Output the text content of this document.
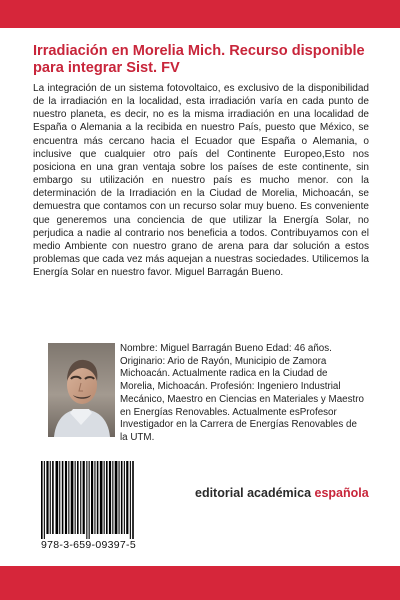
Irradiación en Morelia Mich. Recurso disponible para integrar Sist. FV

La integración de un sistema fotovoltaico, es exclusivo de la disponibilidad de la irradiación en la localidad, esta irradiación varía en cada punto de nuestro planeta, es decir, no es la misma irradiación en una localidad de España o Alemania a la recibida en nuestro País, puesto que México, se encuentra más cercano hacia el Ecuador que España o Alemania, o inclusive que cualquier otro país del Continente Europeo,Esto nos posiciona en una gran ventaja sobre los países de este continente, sin embargo su utilización en nuestro país es mucho menor. con la determinación de la Irradiación en la Ciudad de Morelia, Michoacán, se demuestra que contamos con un recurso solar muy bueno. Es conveniente que generemos una conciencia de que utilizar la Energía Solar, no perjudica a nadie al contrario nos beneficia a todos. Contribuyamos con el medio Ambiente con nuestro grano de arena para dar solución a estos problemas que cada vez más aquejan a nuestras sociedades. Utilicemos la Energía Solar en nuestro favor. Miguel Barragán Bueno.

Nombre: Miguel Barragán Bueno Edad: 46 años. Originario: Ario de Rayón, Municipio de Zamora Michoacán. Actualmente radica en la Ciudad de Morelia, Michoacán. Profesión: Ingeniero Industrial Mecánico, Maestro en Ciencias en Materiales y Maestro en Energías Renovables. Actualmente esProfesor Investigador en la Carrera de Energías Renovables de la UTM.

978-3-659-09397-5
editorial académica española
